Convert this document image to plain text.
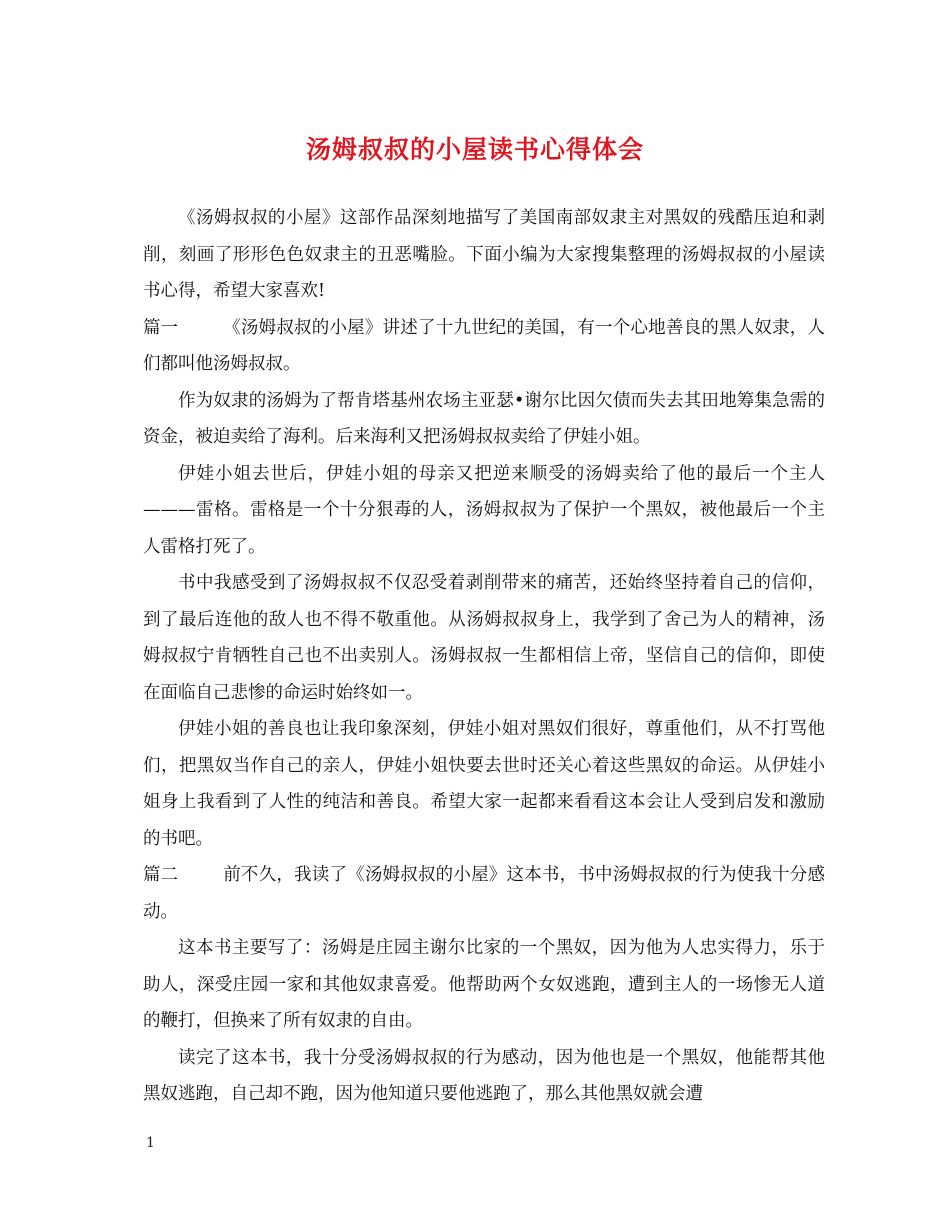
汤姆叔叔的小屋读书心得体会

《汤姆叔叔的小屋》这部作品深刻地描写了美国南部奴隶主对黑奴的残酷压迫和剥削，刻画了形形色色奴隶主的丑恶嘴脸。下面小编为大家搜集整理的汤姆叔叔的小屋读书心得，希望大家喜欢!

篇一	《汤姆叔叔的小屋》讲述了十九世纪的美国，有一个心地善良的黑人奴隶，人们都叫他汤姆叔叔。

作为奴隶的汤姆为了帮肯塔基州农场主亚瑟•谢尔比因欠债而失去其田地筹集急需的资金，被迫卖给了海利。后来海利又把汤姆叔叔卖给了伊娃小姐。

伊娃小姐去世后，伊娃小姐的母亲又把逆来顺受的汤姆卖给了他的最后一个主人———雷格。雷格是一个十分狠毒的人，汤姆叔叔为了保护一个黑奴，被他最后一个主人雷格打死了。

书中我感受到了汤姆叔叔不仅忍受着剥削带来的痛苦，还始终坚持着自己的信仰，到了最后连他的敌人也不得不敬重他。从汤姆叔叔身上，我学到了舍己为人的精神，汤姆叔叔宁肯牺牲自己也不出卖别人。汤姆叔叔一生都相信上帝，坚信自己的信仰，即使在面临自己悲惨的命运时始终如一。

伊娃小姐的善良也让我印象深刻，伊娃小姐对黑奴们很好，尊重他们，从不打骂他们，把黑奴当作自己的亲人，伊娃小姐快要去世时还关心着这些黑奴的命运。从伊娃小姐身上我看到了人性的纯洁和善良。希望大家一起都来看看这本会让人受到启发和激励的书吧。

篇二	前不久，我读了《汤姆叔叔的小屋》这本书，书中汤姆叔叔的行为使我十分感动。

这本书主要写了：汤姆是庄园主谢尔比家的一个黑奴，因为他为人忠实得力，乐于助人，深受庄园一家和其他奴隶喜爱。他帮助两个女奴逃跑，遭到主人的一场惨无人道的鞭打，但换来了所有奴隶的自由。

读完了这本书，我十分受汤姆叔叔的行为感动，因为他也是一个黑奴，他能帮其他黑奴逃跑，自己却不跑，因为他知道只要他逃跑了，那么其他黑奴就会遭

1
